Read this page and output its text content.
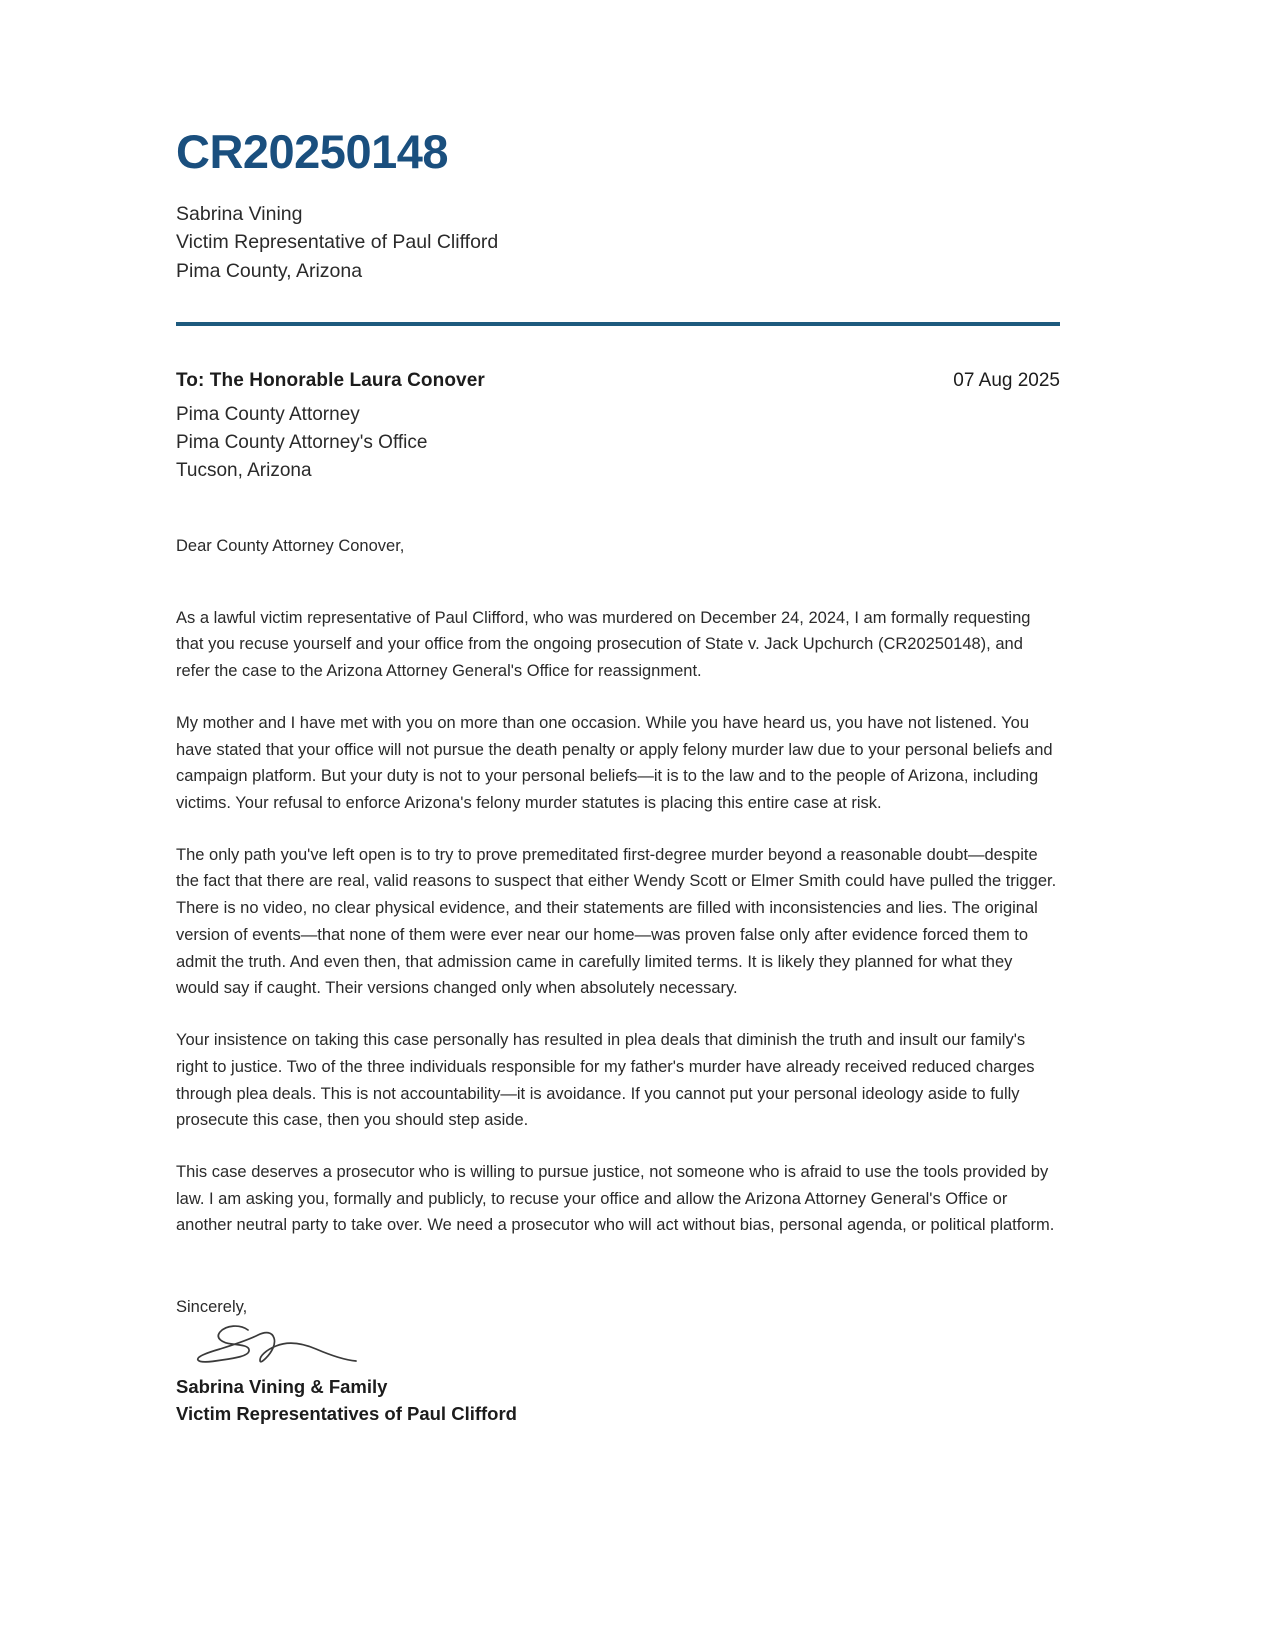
CR20250148
Sabrina Vining
Victim Representative of Paul Clifford
Pima County, Arizona
To: The Honorable Laura Conover	07 Aug 2025
Pima County Attorney
Pima County Attorney's Office
Tucson, Arizona
Dear County Attorney Conover,

As a lawful victim representative of Paul Clifford, who was murdered on December 24, 2024, I am formally requesting that you recuse yourself and your office from the ongoing prosecution of State v. Jack Upchurch (CR20250148), and refer the case to the Arizona Attorney General's Office for reassignment.

My mother and I have met with you on more than one occasion. While you have heard us, you have not listened. You have stated that your office will not pursue the death penalty or apply felony murder law due to your personal beliefs and campaign platform. But your duty is not to your personal beliefs—it is to the law and to the people of Arizona, including victims. Your refusal to enforce Arizona's felony murder statutes is placing this entire case at risk.

The only path you've left open is to try to prove premeditated first-degree murder beyond a reasonable doubt—despite the fact that there are real, valid reasons to suspect that either Wendy Scott or Elmer Smith could have pulled the trigger. There is no video, no clear physical evidence, and their statements are filled with inconsistencies and lies. The original version of events—that none of them were ever near our home—was proven false only after evidence forced them to admit the truth. And even then, that admission came in carefully limited terms. It is likely they planned for what they would say if caught. Their versions changed only when absolutely necessary.

Your insistence on taking this case personally has resulted in plea deals that diminish the truth and insult our family's right to justice. Two of the three individuals responsible for my father's murder have already received reduced charges through plea deals. This is not accountability—it is avoidance. If you cannot put your personal ideology aside to fully prosecute this case, then you should step aside.

This case deserves a prosecutor who is willing to pursue justice, not someone who is afraid to use the tools provided by law. I am asking you, formally and publicly, to recuse your office and allow the Arizona Attorney General's Office or another neutral party to take over. We need a prosecutor who will act without bias, personal agenda, or political platform.

Sincerely,
Sabrina Vining & Family
Victim Representatives of Paul Clifford
